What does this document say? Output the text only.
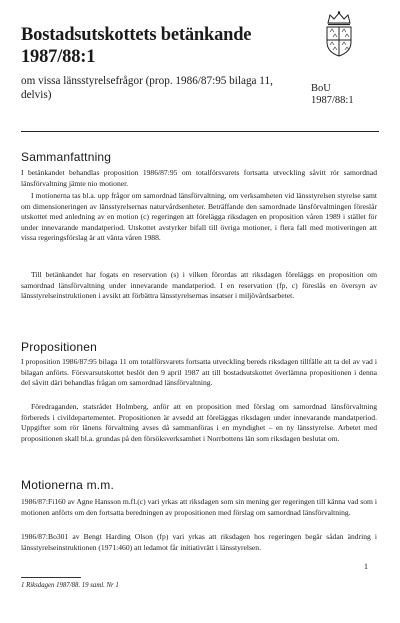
Bostadsutskottets betänkande
1987/88:1
om vissa länsstyrelsefrågor (prop. 1986/87:95 bilaga 11, delvis)
BoU
1987/88:1
Sammanfattning
I betänkandet behandlas proposition 1986/87:95 om totalförsvarets fortsatta utveckling såvitt rör samordnad länsförvaltning jämte nio motioner.
I motionerna tas bl.a. upp frågor om samordnad länsförvaltning, om verksamheten vid länsstyrelsen styrelse samt om dimensioneringen av länsstyrelsernas naturvårdsenheter. Beträffande den samordnade länsförvaltningen föreslår utskottet med anledning av en motion (c) regeringen att föreläggа riksdagen en proposition våren 1989 i stället för under innevarande mandatperiod. Utskottet avstyrker bifall till övriga motioner, i flera fall med motiveringen att vissa regeringsförslag är att vänta våren 1988.
Till betänkandet har fogats en reservation (s) i vilken förordas att riksdagen föreläggs en proposition om samordnad länsförvaltning under innevarande mandatperiod. I en reservation (fp, c) föreslås en översyn av länsstyrelseinstruktionen i avsikt att förbättra länsstyrelsernas insatser i miljövårdsarbetet.
Propositionen
I proposition 1986/87:95 bilaga 11 om totalförsvarets fortsatta utveckling bereds riksdagen tillfälle att ta del av vad i bilagan anförts. Försvarsutskottet beslöt den 9 april 1987 att till bostadsutskottet överlämna propositionen i denna del såvitt däri behandlas frågan om samordnad länsförvaltning.
Föredraganden, statsrådet Holmberg, anför att en proposition med förslag om samordnad länsförvaltning förbereds i civildepartementet. Propositionen är avsedd att föreläggas riksdagen under innevarande mandatperiod. Uppgifter som rör länens förvaltning avses då sammanföras i en myndighet – en ny länsstyrelse. Arbetet med propositionen skall bl.a. grundas på den försöksverksamhet i Norrbottens län som riksdagen beslutat om.
Motionerna m.m.
1986/87:Fi160 av Agne Hansson m.fl.(c) vari yrkas att riksdagen som sin mening ger regeringen till känna vad som i motionen anförts om den fortsatta beredningen av propositionen med förslag om samordnad länsförvaltning.
1986/87:Bo301 av Bengt Harding Olson (fp) vari yrkas att riksdagen hos regeringen begär sådan ändring i länsstyrelseinstruktionen (1971:460) att ledamot får initiativrätt i länsstyrelsen.
1
1 Riksdagen 1987/88. 19 saml. Nr 1
